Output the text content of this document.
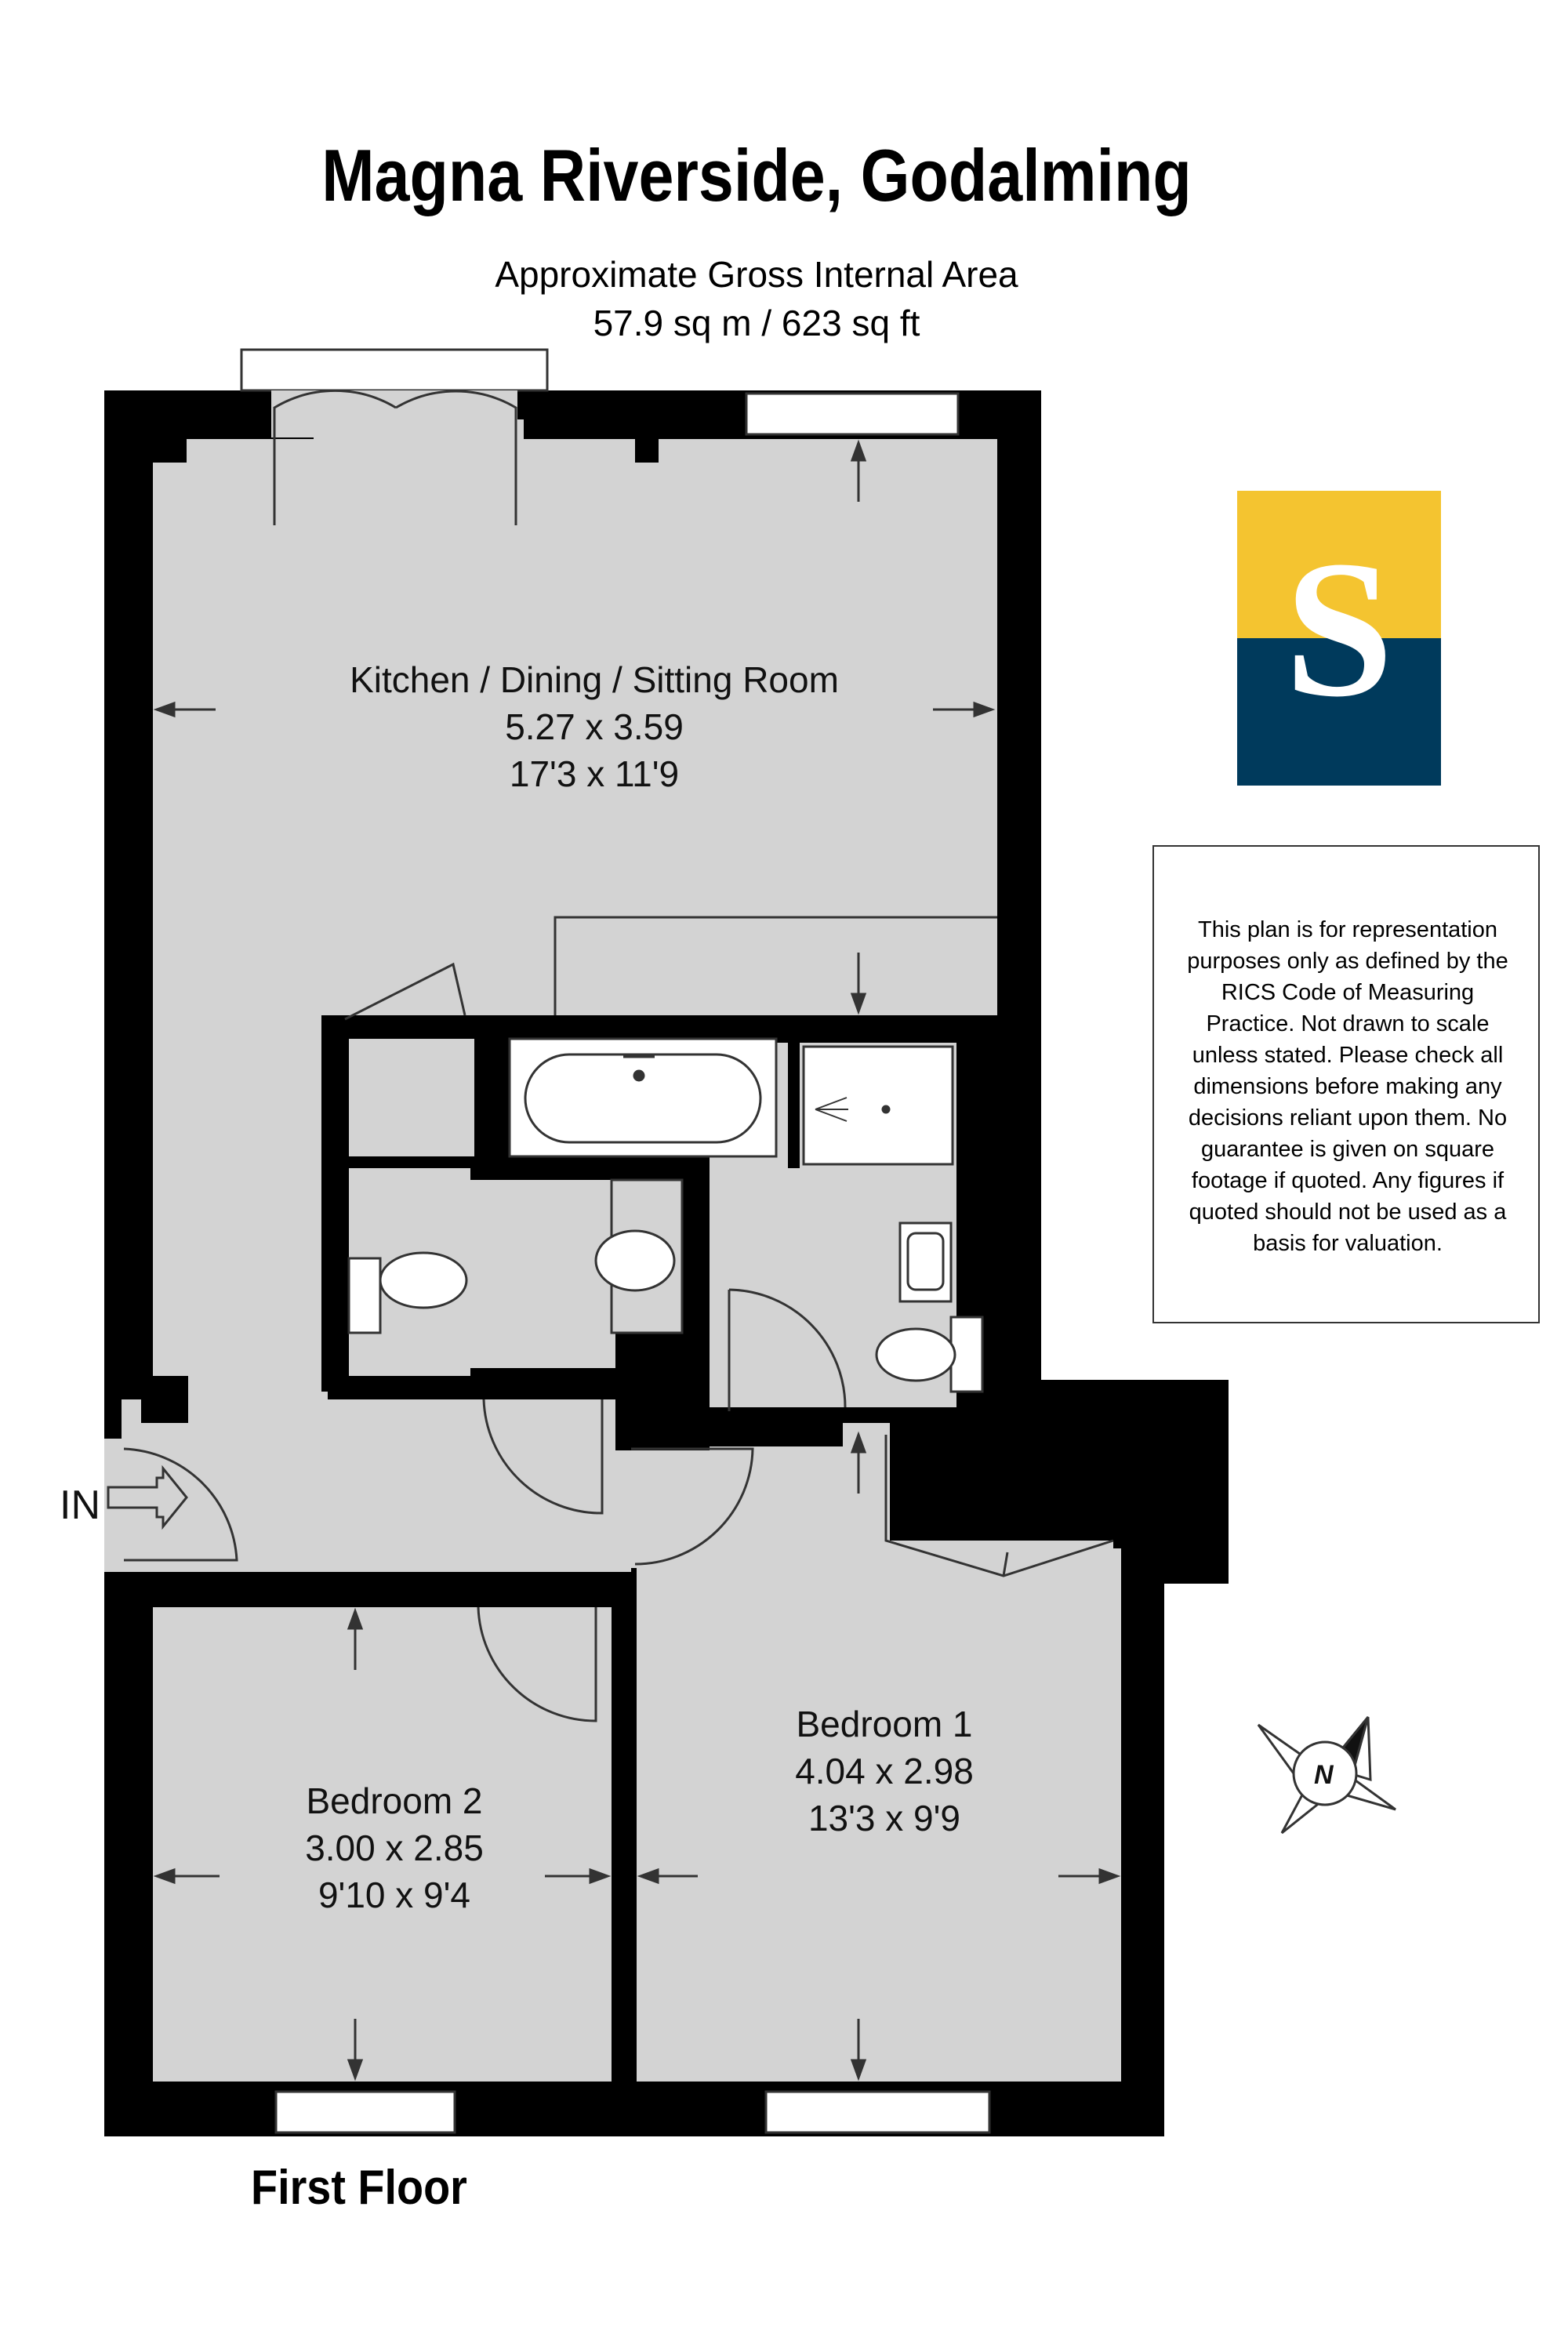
Magna Riverside, Godalming
Approximate Gross Internal Area
57.9 sq m / 623 sq ft
IN
Kitchen / Dining / Sitting Room
5.27 x 3.59
17'3 x 11'9
Bedroom 1
4.04 x 2.98
13'3 x 9'9
Bedroom 2
3.00 x 2.85
9'10 x 9'4
N
S
This plan is for representation purposes only as defined by the RICS Code of Measuring Practice. Not drawn to scale unless stated. Please check all dimensions before making any decisions reliant upon them. No guarantee is given on square footage if quoted. Any figures if quoted should not be used as a basis for valuation.
First Floor
